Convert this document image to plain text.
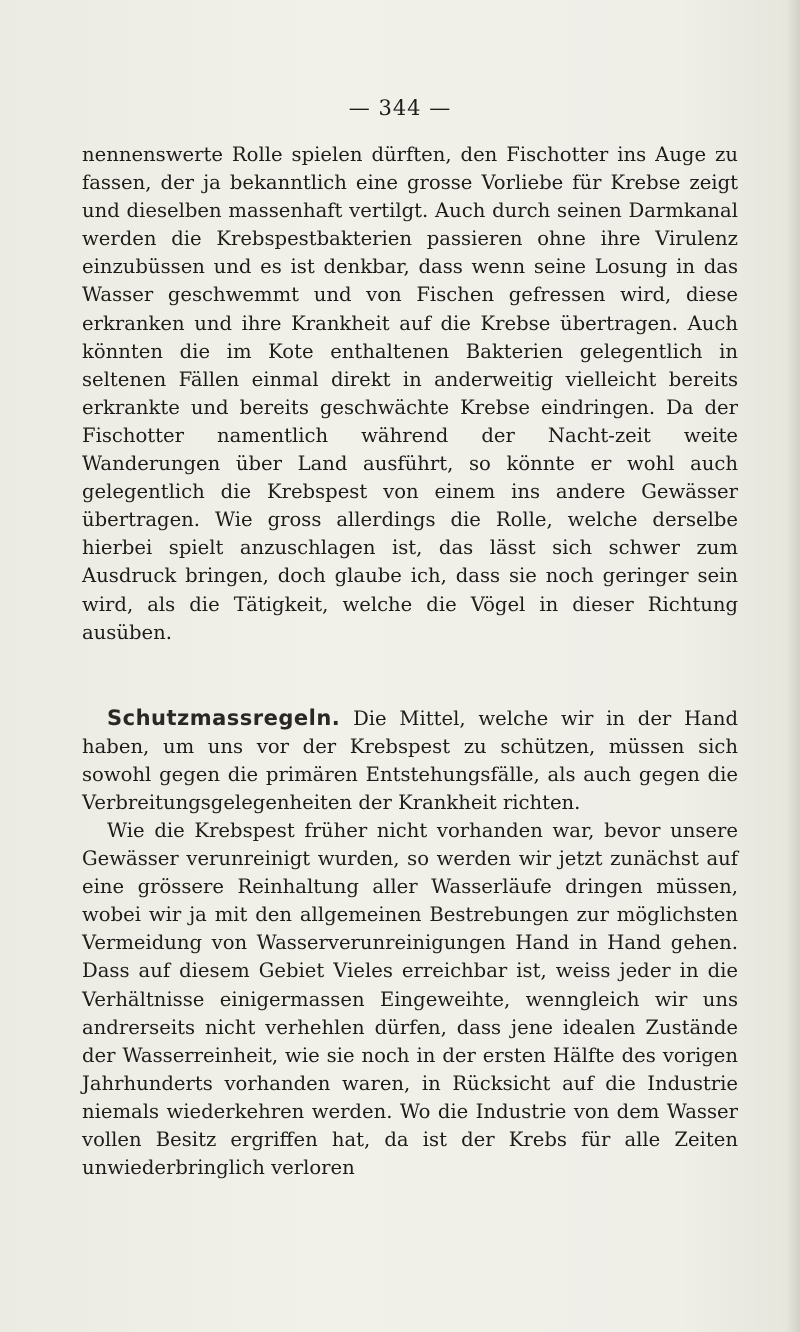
— 344 —

nennenswerte Rolle spielen dürften, den Fischotter ins Auge zu fassen, der ja bekanntlich eine grosse Vorliebe für Krebse zeigt und dieselben massenhaft vertilgt. Auch durch seinen Darmkanal werden die Krebspestbakterien passieren ohne ihre Virulenz einzubüssen und es ist denkbar, dass wenn seine Losung in das Wasser geschwemmt und von Fischen gefressen wird, diese erkranken und ihre Krankheit auf die Krebse übertragen. Auch könnten die im Kote enthaltenen Bakterien gelegentlich in seltenen Fällen einmal direkt in anderweitig vielleicht bereits erkrankte und bereits geschwächte Krebse eindringen. Da der Fischotter namentlich während der Nacht-zeit weite Wanderungen über Land ausführt, so könnte er wohl auch gelegentlich die Krebspest von einem ins andere Gewässer übertragen. Wie gross allerdings die Rolle, welche derselbe hierbei spielt anzuschlagen ist, das lässt sich schwer zum Ausdruck bringen, doch glaube ich, dass sie noch geringer sein wird, als die Tätigkeit, welche die Vögel in dieser Richtung ausüben.

Schutzmassregeln. Die Mittel, welche wir in der Hand haben, um uns vor der Krebspest zu schützen, müssen sich sowohl gegen die primären Entstehungsfälle, als auch gegen die Verbreitungsgelegenheiten der Krankheit richten.

Wie die Krebspest früher nicht vorhanden war, bevor unsere Gewässer verunreinigt wurden, so werden wir jetzt zunächst auf eine grössere Reinhaltung aller Wasserläufe dringen müssen, wobei wir ja mit den allgemeinen Bestrebungen zur möglichsten Vermeidung von Wasserverunreinigungen Hand in Hand gehen. Dass auf diesem Gebiet Vieles erreichbar ist, weiss jeder in die Verhältnisse einigermassen Eingeweihte, wenngleich wir uns andrerseits nicht verhehlen dürfen, dass jene idealen Zustände der Wasserreinheit, wie sie noch in der ersten Hälfte des vorigen Jahrhunderts vorhanden waren, in Rücksicht auf die Industrie niemals wiederkehren werden. Wo die Industrie von dem Wasser vollen Besitz ergriffen hat, da ist der Krebs für alle Zeiten unwiederbringlich verloren
